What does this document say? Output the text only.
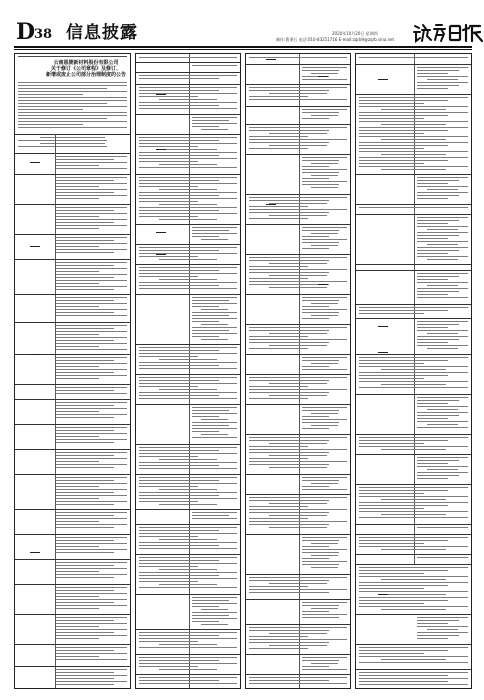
D
38 信息披露	2020年10月20日 星期四
制作:曹秉石 电话:010-83251716 E-mail:zqrb9@zqrb.sina.net
云南恩捷新材料股份有限公司
关于修订《公司章程》及修订、
新增或废止公司部分治理制度的公告
